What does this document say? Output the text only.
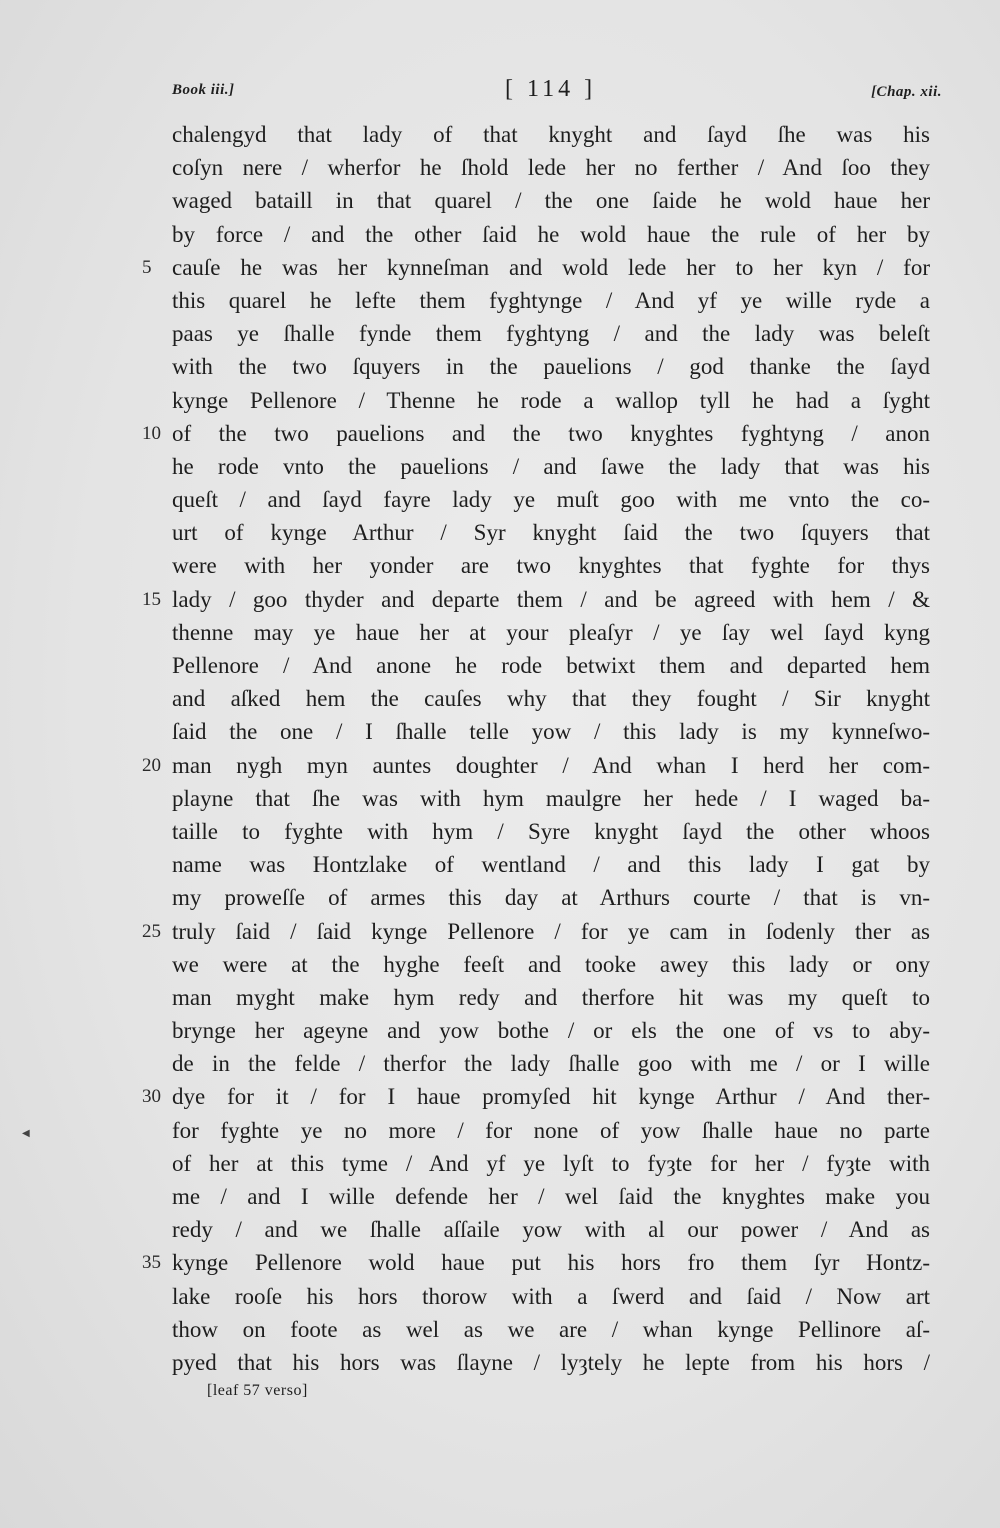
Book iii.]	[ 114 ]	[Chap. xii.
chalengyd that lady of that knyght and ſayd ſhe was his
coſyn nere / wherfor he ſhold lede her no ferther / And ſoo they
waged bataill in that quarel / the one ſaide he wold haue her
by force / and the other ſaid he wold haue the rule of her by
5 cauſe he was her kynneſman and wold lede her to her kyn / for
this quarel he lefte them fyghtynge / And yf ye wille ryde a
paas ye ſhalle fynde them fyghtyng / and the lady was beleſt
with the two ſquyers in the pauelions / god thanke the ſayd
kynge Pellenore / Thenne he rode a wallop tyll he had a ſyght
10 of the two pauelions and the two knyghtes fyghtyng / anon
he rode vnto the pauelions / and ſawe the lady that was his
queſt / and ſayd fayre lady ye muſt goo with me vnto the co-
urt of kynge Arthur / Syr knyght ſaid the two ſquyers that
were with her yonder are two knyghtes that fyghte for thys
15 lady / goo thyder and departe them / and be agreed with hem / &
thenne may ye haue her at your pleaſyr / ye ſay wel ſayd kyng
Pellenore / And anone he rode betwixt them and departed hem
and aſked hem the cauſes why that they fought / Sir knyght
ſaid the one / I ſhalle telle yow / this lady is my kynneſwo-
20 man nygh myn auntes doughter / And whan I herd her com-
playne that ſhe was with hym maulgre her hede / I waged ba-
taille to fyghte with hym / Syre knyght ſayd the other whoos
name was Hontzlake of wentland / and this lady I gat by
my proweſſe of armes this day at Arthurs courte / that is vn-
25 truly ſaid / ſaid kynge Pellenore / for ye cam in ſodenly ther as
we were at the hyghe feeſt and tooke awey this lady or ony
man myght make hym redy and therfore hit was my queſt to
brynge her ageyne and yow bothe / or els the one of vs to aby-
de in the felde / therfor the lady ſhalle goo with me / or I wille
30 dye for it / for I haue promyſed hit kynge Arthur / And ther-
for fyghte ye no more / for none of yow ſhalle haue no parte
of her at this tyme / And yf ye lyſt to fyȝte for her / fyȝte with
me / and I wille defende her / wel ſaid the knyghtes make you
redy / and we ſhalle aſſaile yow with al our power / And as
35 kynge Pellenore wold haue put his hors fro them ſyr Hontz-
lake rooſe his hors thorow with a ſwerd and ſaid / Now art
thow on foote as wel as we are / whan kynge Pellinore aſ-
pyed that his hors was ſlayne / lyȝtely he lepte from his hors /
[leaf 57 verso]
◀
